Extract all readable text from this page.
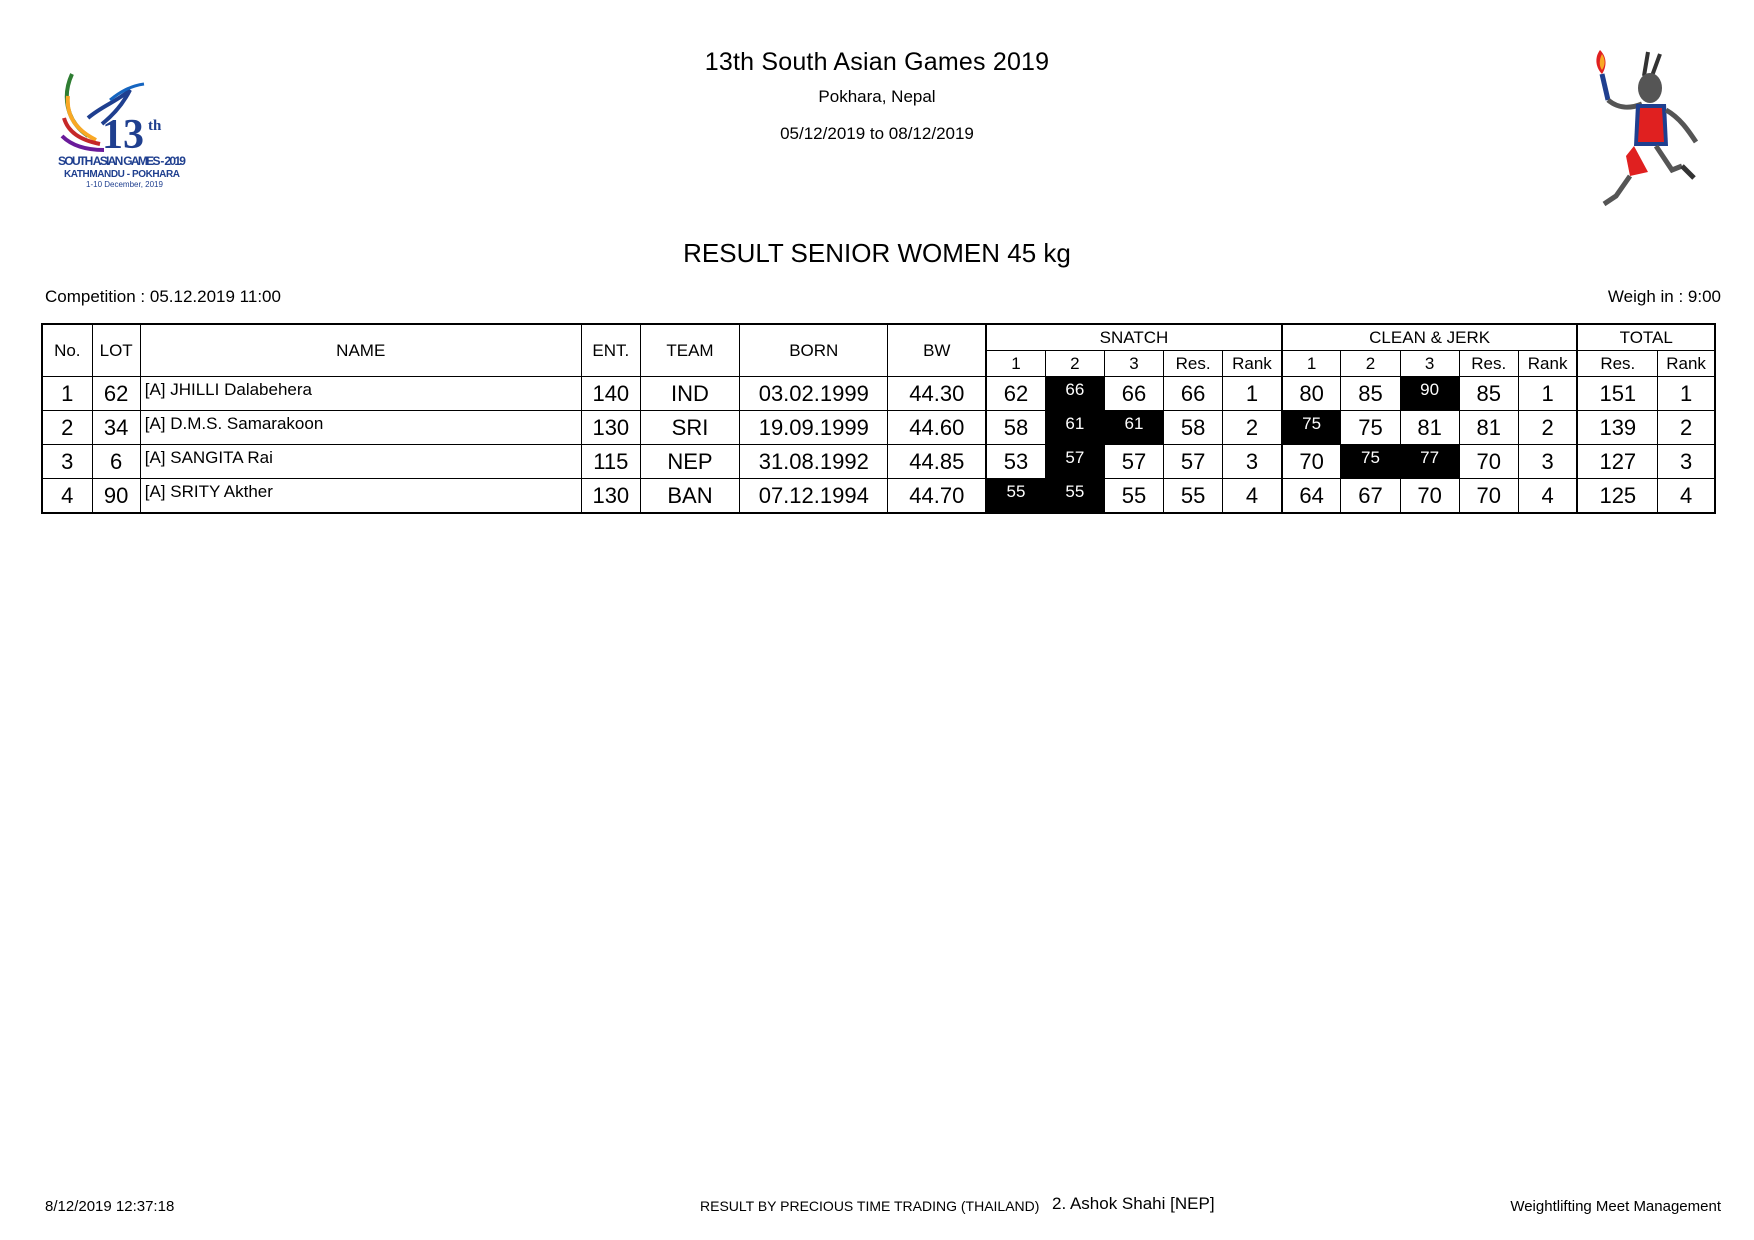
13 th
SOUTH ASIAN GAMES - 2019
KATHMANDU - POKHARA
1-10 December, 2019
13th South Asian Games 2019
Pokhara, Nepal
05/12/2019 to 08/12/2019
RESULT SENIOR WOMEN 45 kg
Competition : 05.12.2019 11:00	Weigh in : 9:00
No.	LOT	NAME	ENT.	TEAM	BORN	BW	SNATCH					CLEAN & JERK					TOTAL	
							1	2	3	Res.	Rank	1	2	3	Res.	Rank	Res.	Rank
1	62	[A] JHILLI Dalabehera	140	IND	03.02.1999	44.30	62	66	66	66	1	80	85	90	85	1	151	1
2	34	[A] D.M.S. Samarakoon	130	SRI	19.09.1999	44.60	58	61	61	58	2	75	75	81	81	2	139	2
3	6	[A] SANGITA Rai	115	NEP	31.08.1992	44.85	53	57	57	57	3	70	75	77	70	3	127	3
4	90	[A] SRITY Akther	130	BAN	07.12.1994	44.70	55	55	55	55	4	64	67	70	70	4	125	4
8/12/2019 12:37:18	RESULT BY PRECIOUS TIME TRADING (THAILAND) 2. Ashok Shahi [NEP]	Weightlifting Meet Management
